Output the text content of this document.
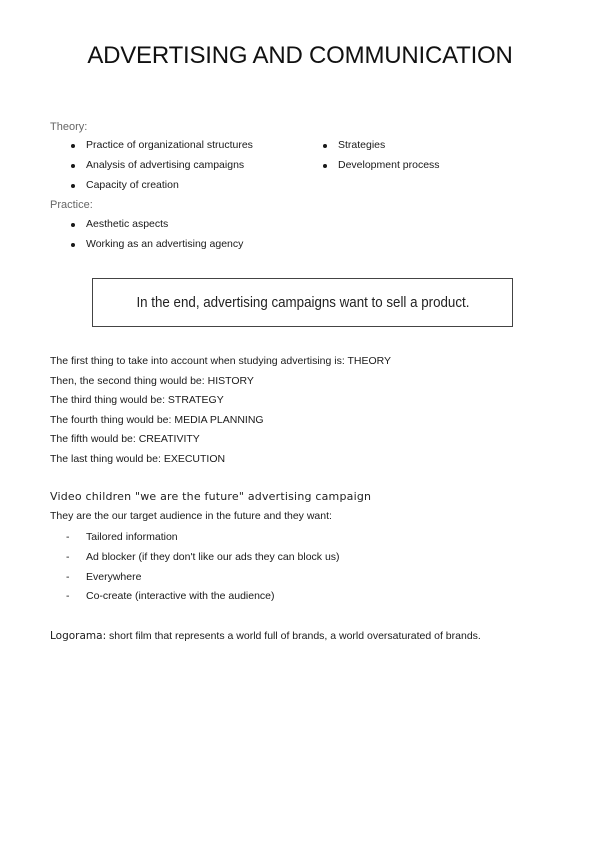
ADVERTISING AND COMMUNICATION
Theory:
Practice of organizational structures
Analysis of advertising campaigns
Capacity of creation
Strategies
Development process
Practice:
Aesthetic aspects
Working as an advertising agency
In the end, advertising campaigns want to sell a product.
The first thing to take into account when studying advertising is: THEORY
Then, the second thing would be: HISTORY
The third thing would be: STRATEGY
The fourth thing would be: MEDIA PLANNING
The fifth would be: CREATIVITY
The last thing would be: EXECUTION
Video children "we are the future" advertising campaign
They are the our target audience in the future and they want:
-	Tailored information
-	Ad blocker (if they don't like our ads they can block us)
-	Everywhere
-	Co-create (interactive with the audience)
Logorama: short film that represents a world full of brands, a world oversaturated of brands.
